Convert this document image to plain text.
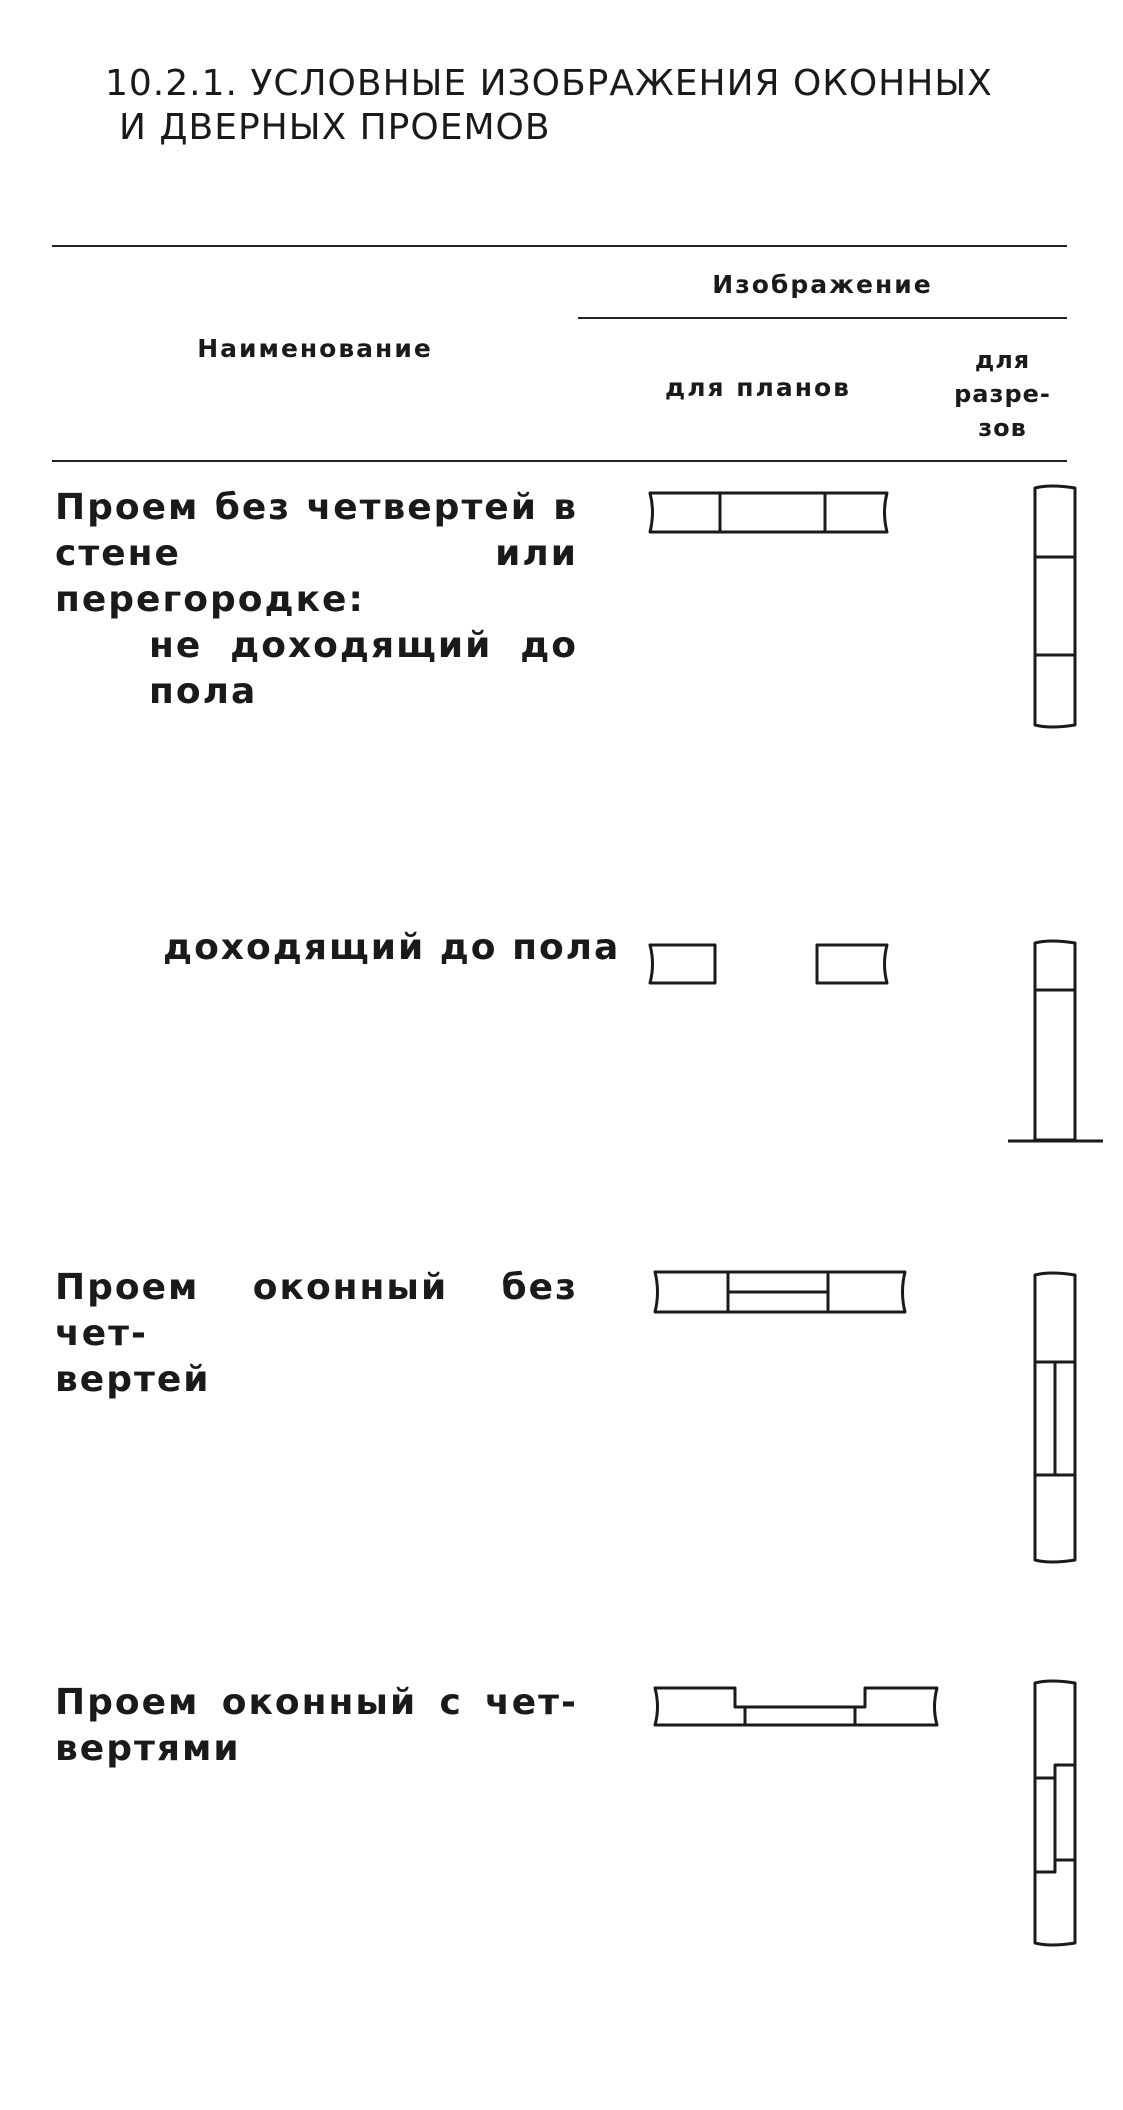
10.2.1. УСЛОВНЫЕ ИЗОБРАЖЕНИЯ ОКОННЫХ
И ДВЕРНЫХ ПРОЕМОВ
Изображение
Наименование
для планов
для
разре-
зов
Проем без четвертей в
стене или перегородке:
не доходящий до
пола
доходящий до пола
Проем оконный без чет-
вертей
Проем оконный с чет-
вертями
